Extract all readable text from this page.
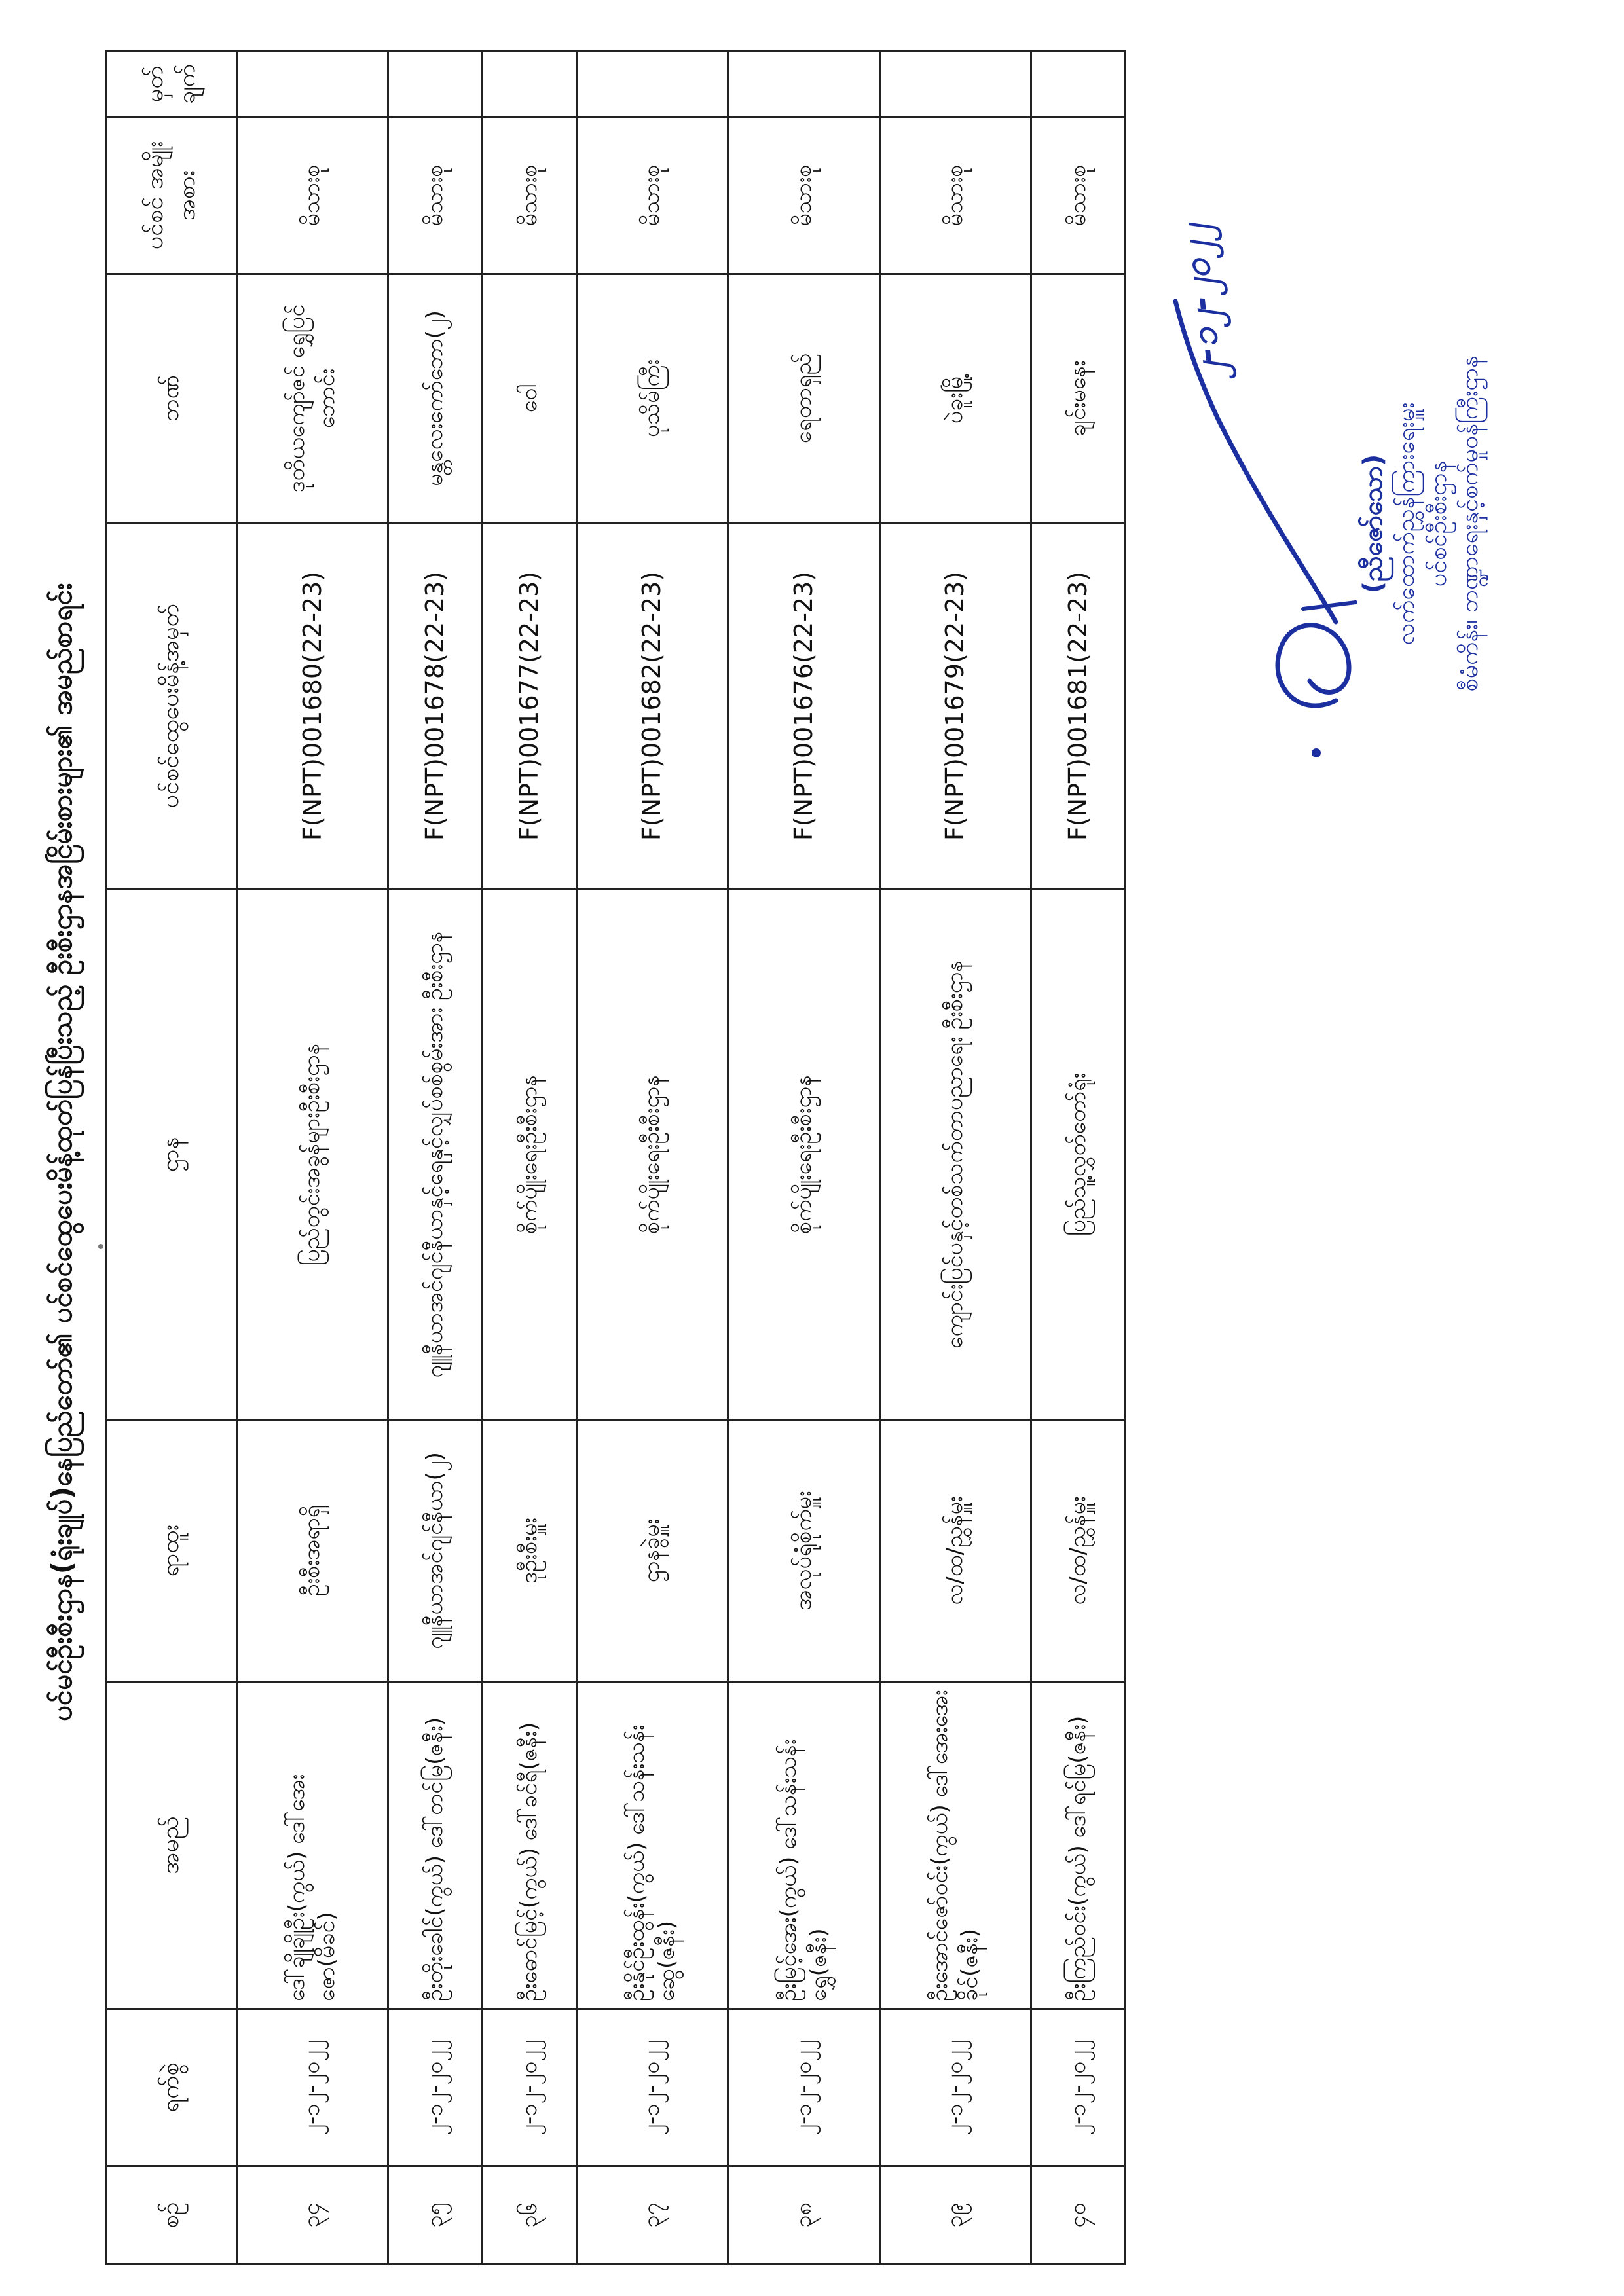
ပင်မင်ဦးစီးဌာန(ရုံးချုပ်)နေပြည်တော်၏ ပင်စင်ထွေပေးမိန့်ထုတ်ပြန်ပြီးသည့် ဦးစီးဌာနအငြိမ်းစားများ၏ အမည်စာရင်း
စဉ်	ရက်စွဲ	အမည်	ရာထူး	ဌာန	ပင်စင်ထွေပေးမိန့်အမှတ်	ဘဏ်	ပင်စင် အမျိုးအစား	မှတ် ချက်
၃၄	၂-၁၂-၂၀၂၂	ဒေါ်ချိုချိုဦး(ကွယ်) ဒေါ်အေးဇော(မိခင်)	ဦးစီးအရာရှိ	ပြည်တွင်းအခွန်များဦးစီးဌာန	F(NPT)001680(22-23)	ဒုတိယကျော်ဇင် ရွှေပြင်ဘောင်း	မိသားစု	
၃၅	၂-၁၂-၂၀၂၂	ဦးတိုးခေါင်(ကွယ်) ဒေါ်တင်မြ(ဇနီး)	ဂျူနီယာအင်ဂျင်နီယာ(၂)	ဂျူနီယာအင်ဂျင်နီယာနှင့်ရေနှင့်လျှပ်စစ်စွမ်းအား ဦးစီးဌာန	F(NPT)001678(22-23)	မန္တလေးကော်ဘော(၂)	မိသားစု	
၃၆	၂-၁၂-၂၀၂၂	ဦးဓောင်မြင့်(ကွယ်) ဒေါ်ခင်ရီ(ဇနီး)	ဒုဦးစီးမှူး	စိုက်ပျိုးရေးဦးစီးဌာန	F(NPT)001677(22-23)	ဝေါ	မိသားစု	
၃၇	၂-၁၂-၂၀၂၂	ဦးနိုင်ဦးထွန်း(ကွယ်) ဒေါ်သန်းသန်းဆွေ(ဇနီး)	ဌာနခွဲမှူး	စိုက်ပျိုးရေးဦးစီးဌာန	F(NPT)001682(22-23)	ပုသိမ်ကြီး	မိသားစု	
၃၈	၂-၁၂-၂၀၂၂	ဦးမြင့်အေး(ကွယ်) ဒေါ်သန်းသန်းရွှေ(ဇနီး)	အလုပ်ရုံစိုက်မှူး	စိုက်ပျိုးရေးဦးစီးဌာန	F(NPT)001676(22-23)	ရေတာရှည်	မိသားစု	
၃၉	၂-၁၂-၂၀၂၂	ဦးအောင်ဇော်ဝင်း(ကွယ်) ဒေါ်အေးအေးခိုင်(ဇနီး)	လ/ထ/ညွှန်မှူး	ကျောင်းပြင်ပနှင့်တစ်သက်တာပညာရေး ဦးစီးဌာန	F(NPT)001679(22-23)	ပဲခူးမြို့	မိသားစု	
၄၀	၂-၁၂-၂၀၂၂	ဦးကြည်ဝင်း(ကွယ်) ဒေါ်ရင်မြ(ဇနီး)	လ/ထ/ညွှန်မှူး	ပြည်သူ့လွှတ်တော်ရုံး	F(NPT)001681(22-23)	ချင်းမနေး	မိသားစု	
၂-၁၂-၂၀၂၂
(ညီဇော်သော) လက်ထောက်ညွှန်ကြားရေးမှူး ပင်စင်ဦးစီးဌာန စီမံကိန်း၊ ဘဏ္ဍာရေးနှင့်စက်မှုဝန်ကြီးဌာန
